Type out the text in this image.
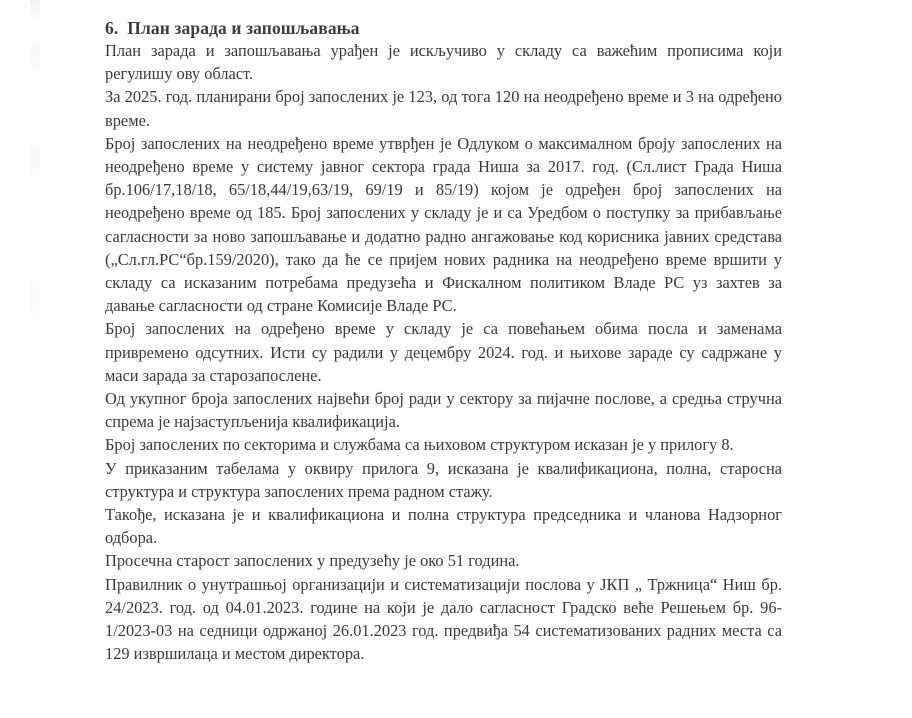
6.  План зарада и запошљавања

План зарада и запошљавања урађен је искључиво у складу са важећим прописима који регулишу ову област.

За 2025. год. планирани број запослених је 123, од тога 120 на неодређено време и 3 на одређено време.

Број запослених на неодређено време утврђен је Одлуком о максималном броју запослених на неодређено време у систему јавног сектора града Ниша за 2017. год. (Сл.лист Града Ниша бр.106/17,18/18, 65/18,44/19,63/19, 69/19 и 85/19) којом је одређен број запослених на неодређено време од 185. Број запослених у складу је и са Уредбом о поступку за прибављање сагласности за ново запошљавање и додатно радно ангажовање код корисника јавних средстава („Сл.гл.РС“бр.159/2020), тако да ће се пријем нових радника на неодређено време вршити у складу са исказаним потребама предузећа и Фискалном политиком Владе РС уз захтев за давање сагласности од стране Комисије Владе РС.

Број запослених на одређено време у складу је са повећањем обима посла и заменама привремено одсутних. Исти су радили у децембру 2024. год. и њихове зараде су садржане у маси зарада за старозапослене.

Од укупног броја запослених највећи број ради у сектору за пијачне послове, а средња стручна спрема је најзаступљенија квалификација.

Број запослених по секторима и службама са њиховом структуром исказан је у прилогу 8.

У приказаним табелама у оквиру прилога 9, исказана је квалификациона, полна, старосна структура и структура запослених према радном стажу.

Такође, исказана је и квалификациона и полна структура председника и чланова Надзорног одбора.

Просечна старост запослених у предузећу је око 51 година.

Правилник о унутрашњој организацији и систематизацији послова у ЈКП „ Тржница“ Ниш бр. 24/2023. год. од 04.01.2023. године на који је дало сагласност Градско веће Решењем бр. 96-1/2023-03 на седници одржаној 26.01.2023 год. предвиђа 54 систематизованих радних места са 129 извршилаца и местом директора.
